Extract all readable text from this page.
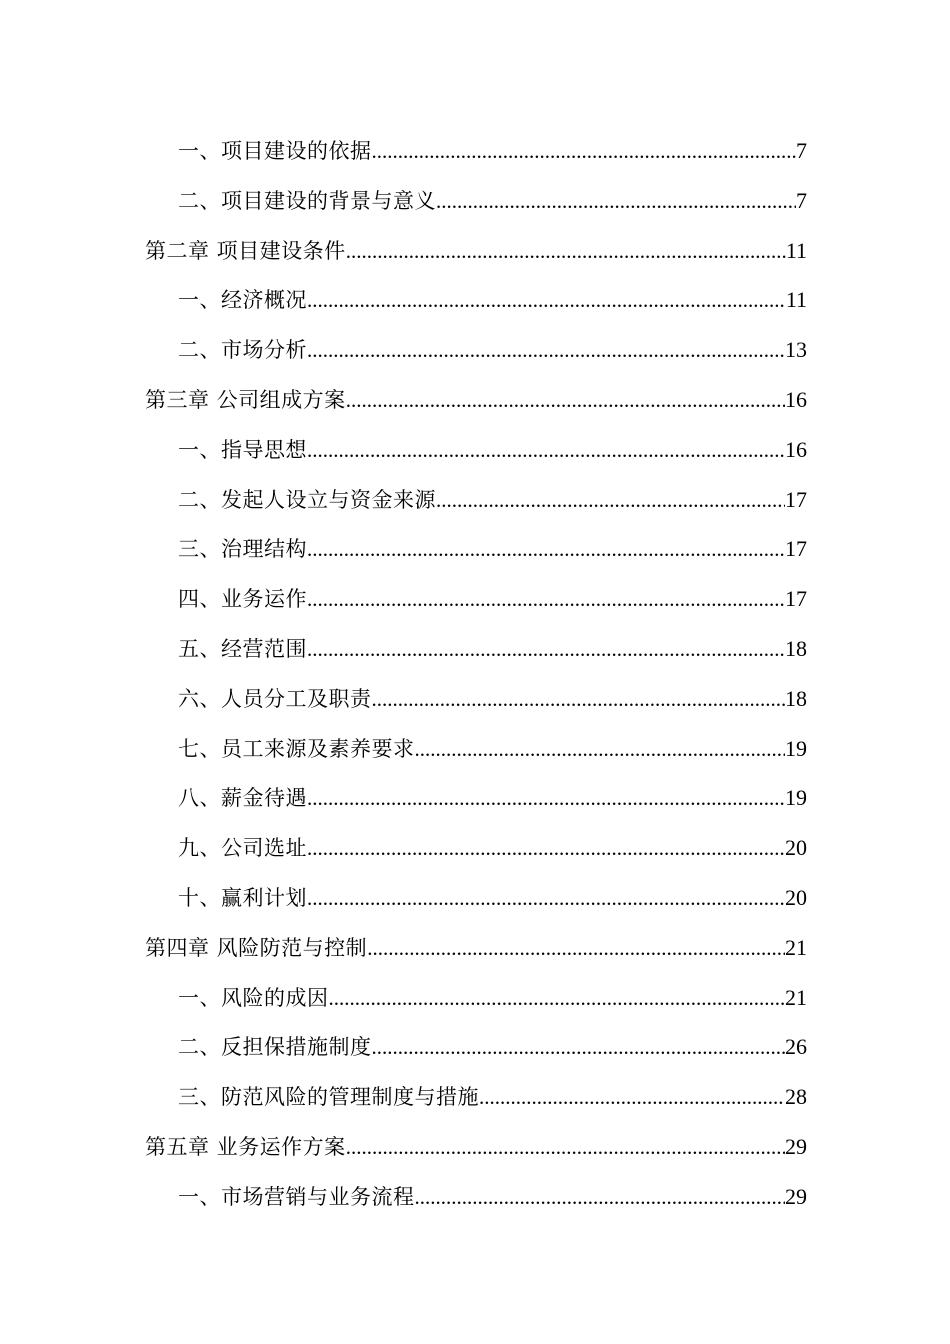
一、项目建设的依据 .....	7
二、项目建设的背景与意义 .....	7
第二章 项目建设条件 .....	11
一、经济概况 .....	11
二、市场分析 .....	13
第三章 公司组成方案 .....	16
一、指导思想 .....	16
二、发起人设立与资金来源 .....	17
三、治理结构 .....	17
四、业务运作 .....	17
五、经营范围 .....	18
六、人员分工及职责 .....	18
七、员工来源及素养要求 .....	19
八、薪金待遇 .....	19
九、公司选址 .....	20
十、赢利计划 .....	20
第四章 风险防范与控制 .....	21
一、风险的成因 .....	21
二、反担保措施制度 .....	26
三、防范风险的管理制度与措施 .....	28
第五章 业务运作方案 .....	29
一、市场营销与业务流程 .....	29
